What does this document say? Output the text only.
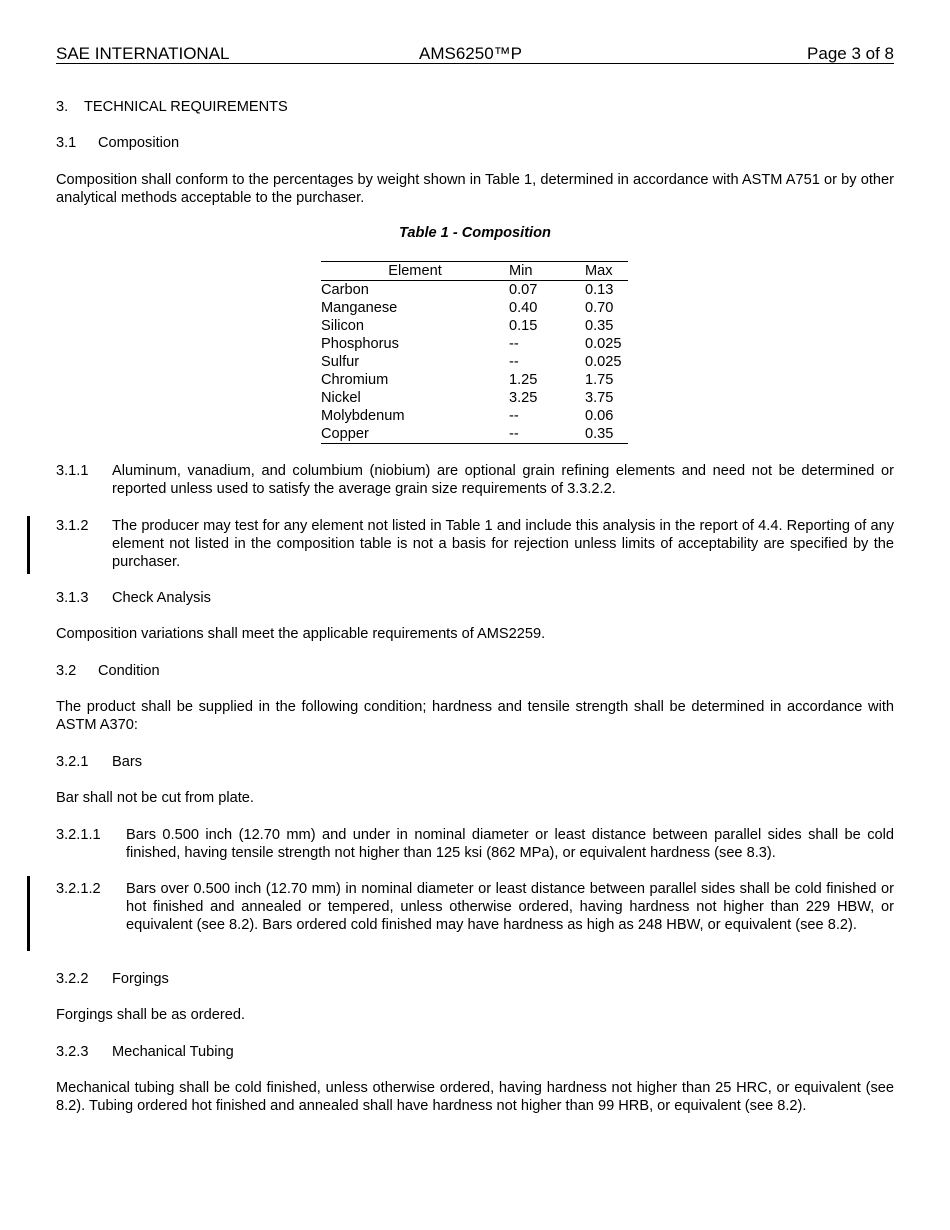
SAE INTERNATIONAL	AMS6250™P	Page 3 of 8
3. TECHNICAL REQUIREMENTS
3.1 Composition
Composition shall conform to the percentages by weight shown in Table 1, determined in accordance with ASTM A751 or by other analytical methods acceptable to the purchaser.
Table 1 - Composition
Element	Min	Max
Carbon	0.07	0.13
Manganese	0.40	0.70
Silicon	0.15	0.35
Phosphorus	--	0.025
Sulfur	--	0.025
Chromium	1.25	1.75
Nickel	3.25	3.75
Molybdenum	--	0.06
Copper	--	0.35
3.1.1 Aluminum, vanadium, and columbium (niobium) are optional grain refining elements and need not be determined or reported unless used to satisfy the average grain size requirements of 3.3.2.2.
3.1.2 The producer may test for any element not listed in Table 1 and include this analysis in the report of 4.4. Reporting of any element not listed in the composition table is not a basis for rejection unless limits of acceptability are specified by the purchaser.
3.1.3 Check Analysis
Composition variations shall meet the applicable requirements of AMS2259.
3.2 Condition
The product shall be supplied in the following condition; hardness and tensile strength shall be determined in accordance with ASTM A370:
3.2.1 Bars
Bar shall not be cut from plate.
3.2.1.1 Bars 0.500 inch (12.70 mm) and under in nominal diameter or least distance between parallel sides shall be cold finished, having tensile strength not higher than 125 ksi (862 MPa), or equivalent hardness (see 8.3).
3.2.1.2 Bars over 0.500 inch (12.70 mm) in nominal diameter or least distance between parallel sides shall be cold finished or hot finished and annealed or tempered, unless otherwise ordered, having hardness not higher than 229 HBW, or equivalent (see 8.2). Bars ordered cold finished may have hardness as high as 248 HBW, or equivalent (see 8.2).
3.2.2 Forgings
Forgings shall be as ordered.
3.2.3 Mechanical Tubing
Mechanical tubing shall be cold finished, unless otherwise ordered, having hardness not higher than 25 HRC, or equivalent (see 8.2). Tubing ordered hot finished and annealed shall have hardness not higher than 99 HRB, or equivalent (see 8.2).
